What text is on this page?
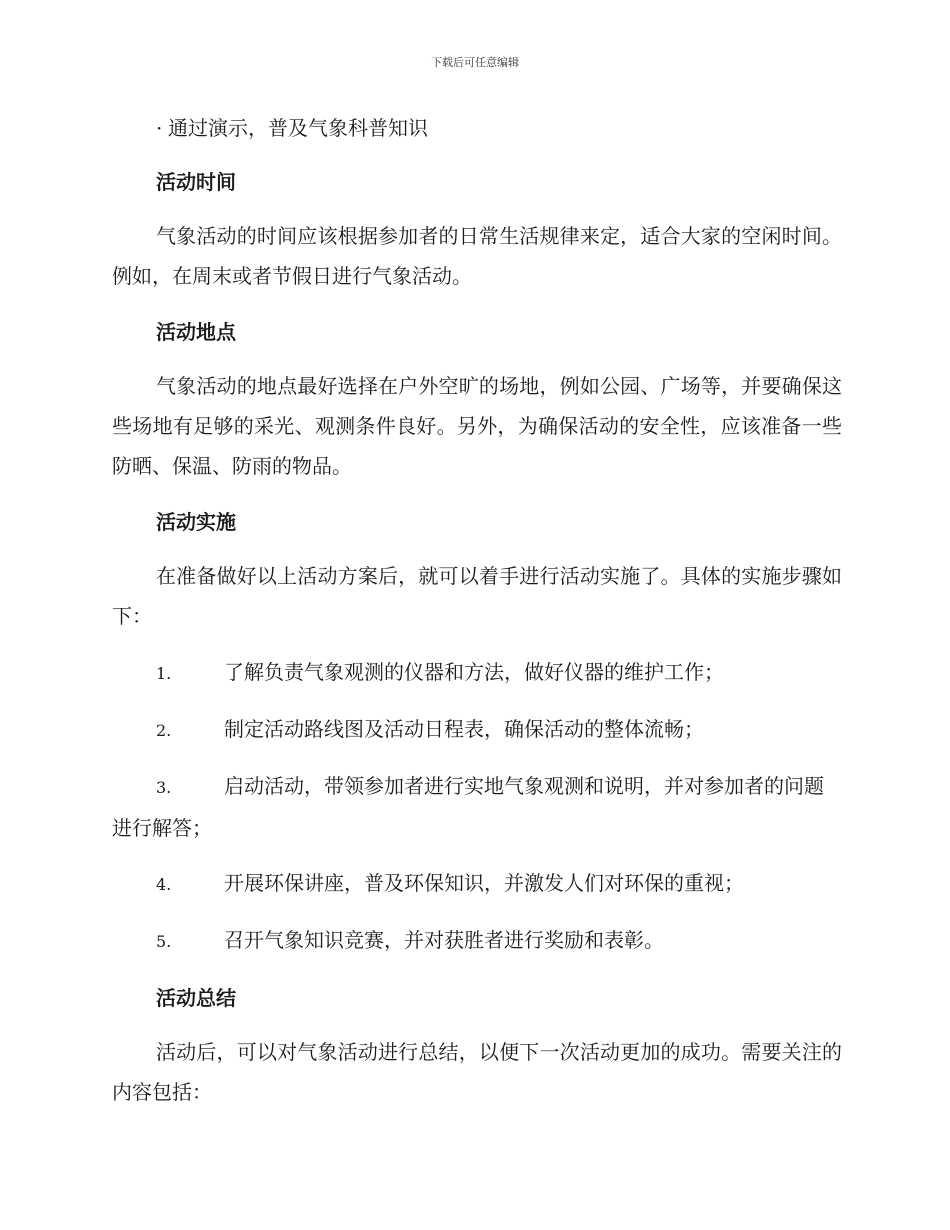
下载后可任意编辑

· 通过演示，普及气象科普知识

活动时间

气象活动的时间应该根据参加者的日常生活规律来定，适合大家的空闲时间。例如，在周末或者节假日进行气象活动。

活动地点

气象活动的地点最好选择在户外空旷的场地，例如公园、广场等，并要确保这些场地有足够的采光、观测条件良好。另外，为确保活动的安全性，应该准备一些防晒、保温、防雨的物品。

活动实施

在准备做好以上活动方案后，就可以着手进行活动实施了。具体的实施步骤如下：

1.	了解负责气象观测的仪器和方法，做好仪器的维护工作；
2.	制定活动路线图及活动日程表，确保活动的整体流畅；
3.	启动活动，带领参加者进行实地气象观测和说明，并对参加者的问题进行解答；
4.	开展环保讲座，普及环保知识，并激发人们对环保的重视；
5.	召开气象知识竞赛，并对获胜者进行奖励和表彰。
活动总结

活动后，可以对气象活动进行总结，以便下一次活动更加的成功。需要关注的内容包括：
